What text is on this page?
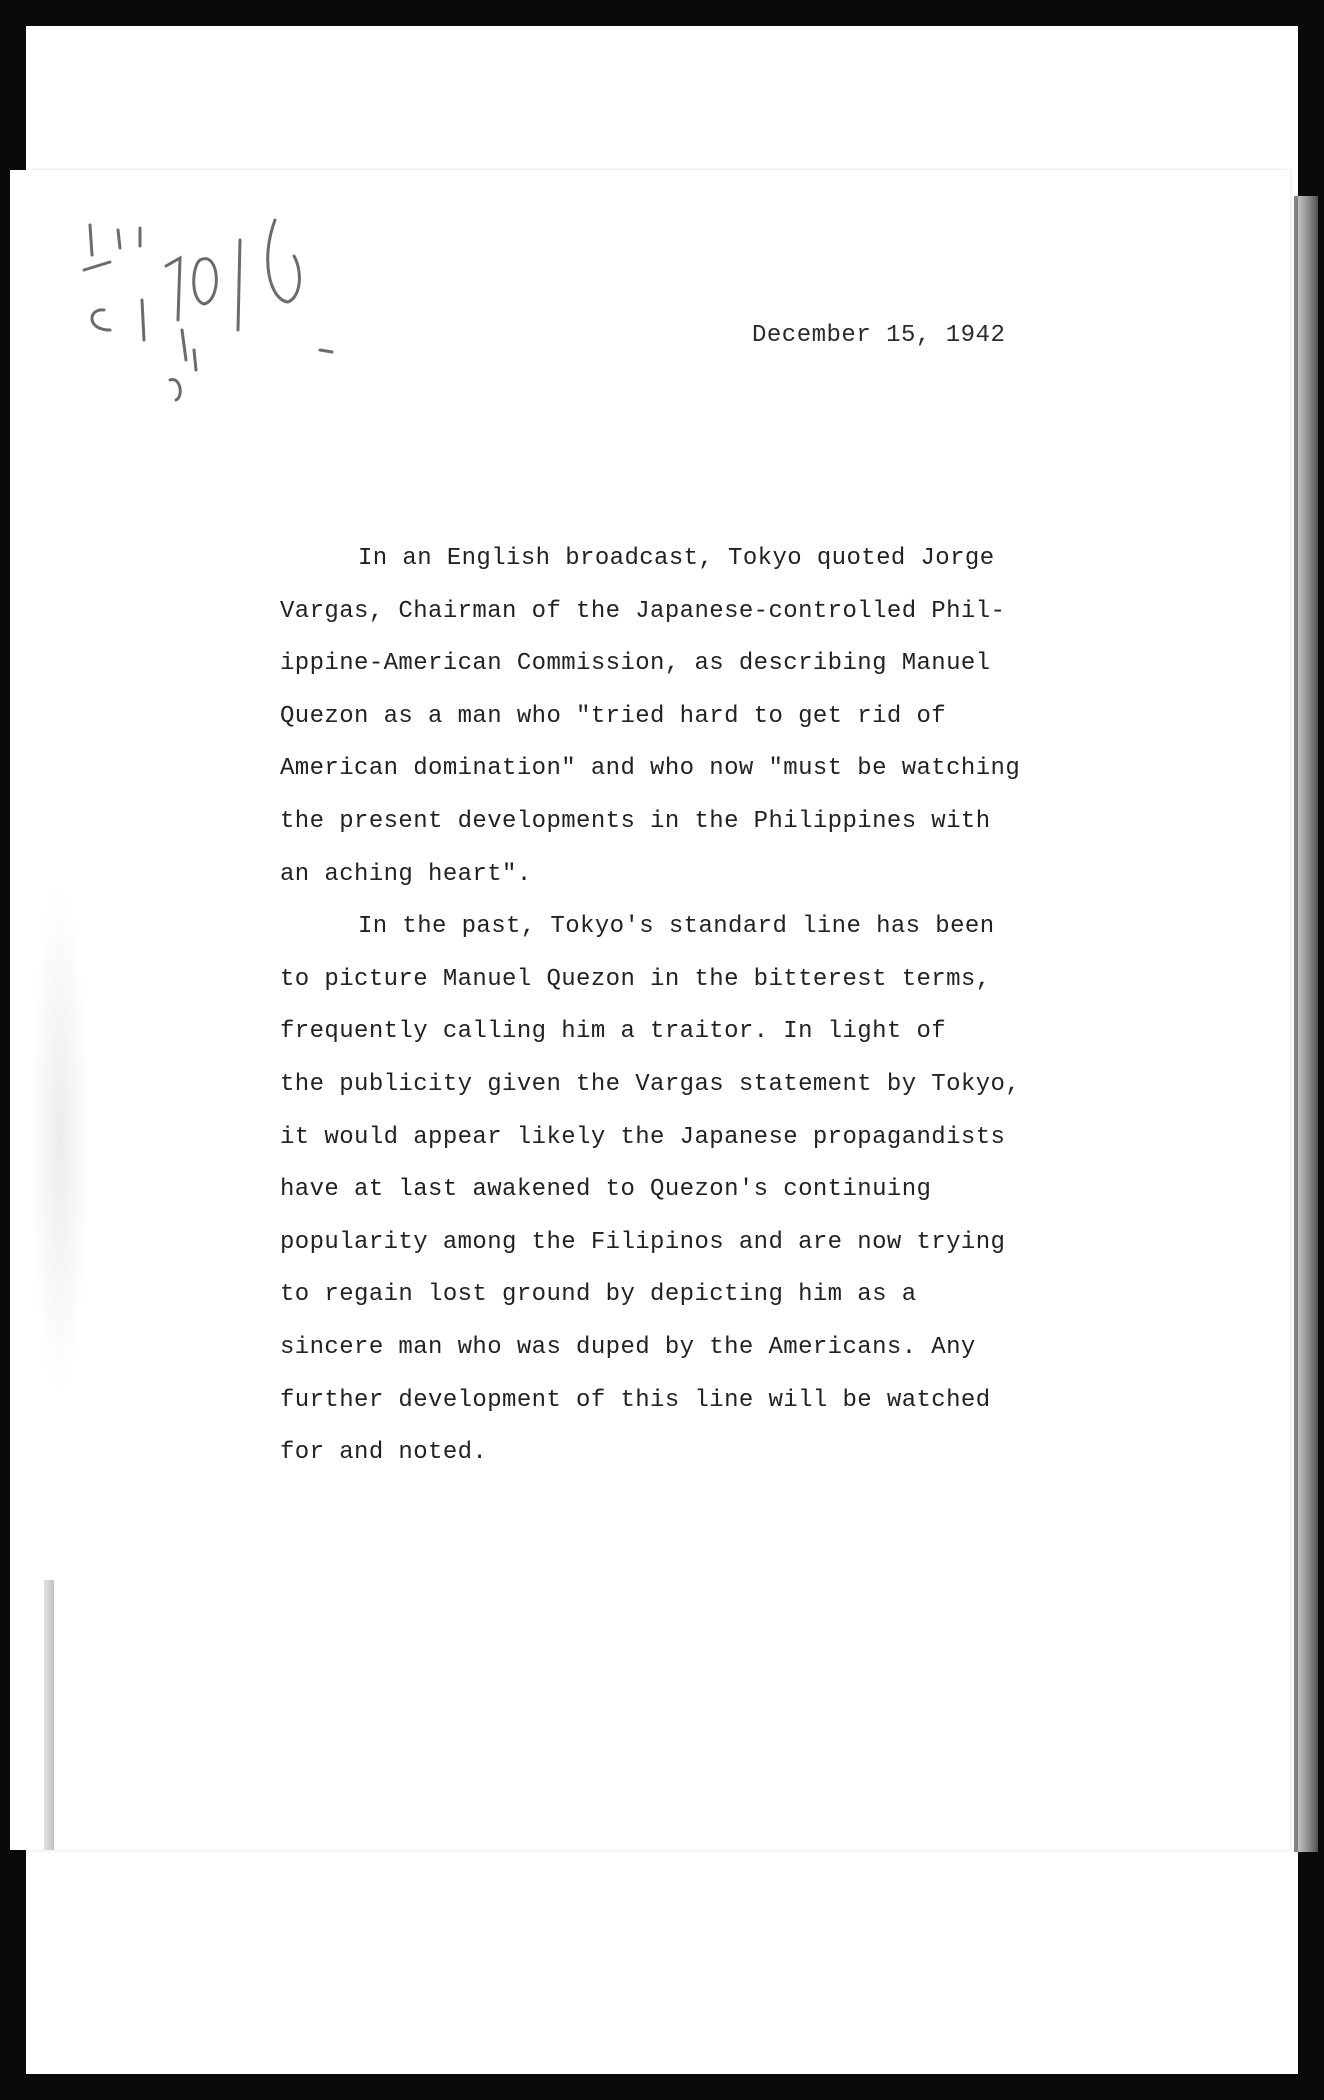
December 15, 1942
In an English broadcast, Tokyo quoted Jorge
Vargas, Chairman of the Japanese-controlled Phil-
ippine-American Commission, as describing Manuel
Quezon as a man who "tried hard to get rid of
American domination" and who now "must be watching
the present developments in the Philippines with
an aching heart".
In the past, Tokyo's standard line has been
to picture Manuel Quezon in the bitterest terms,
frequently calling him a traitor. In light of
the publicity given the Vargas statement by Tokyo,
it would appear likely the Japanese propagandists
have at last awakened to Quezon's continuing
popularity among the Filipinos and are now trying
to regain lost ground by depicting him as a
sincere man who was duped by the Americans. Any
further development of this line will be watched
for and noted.
